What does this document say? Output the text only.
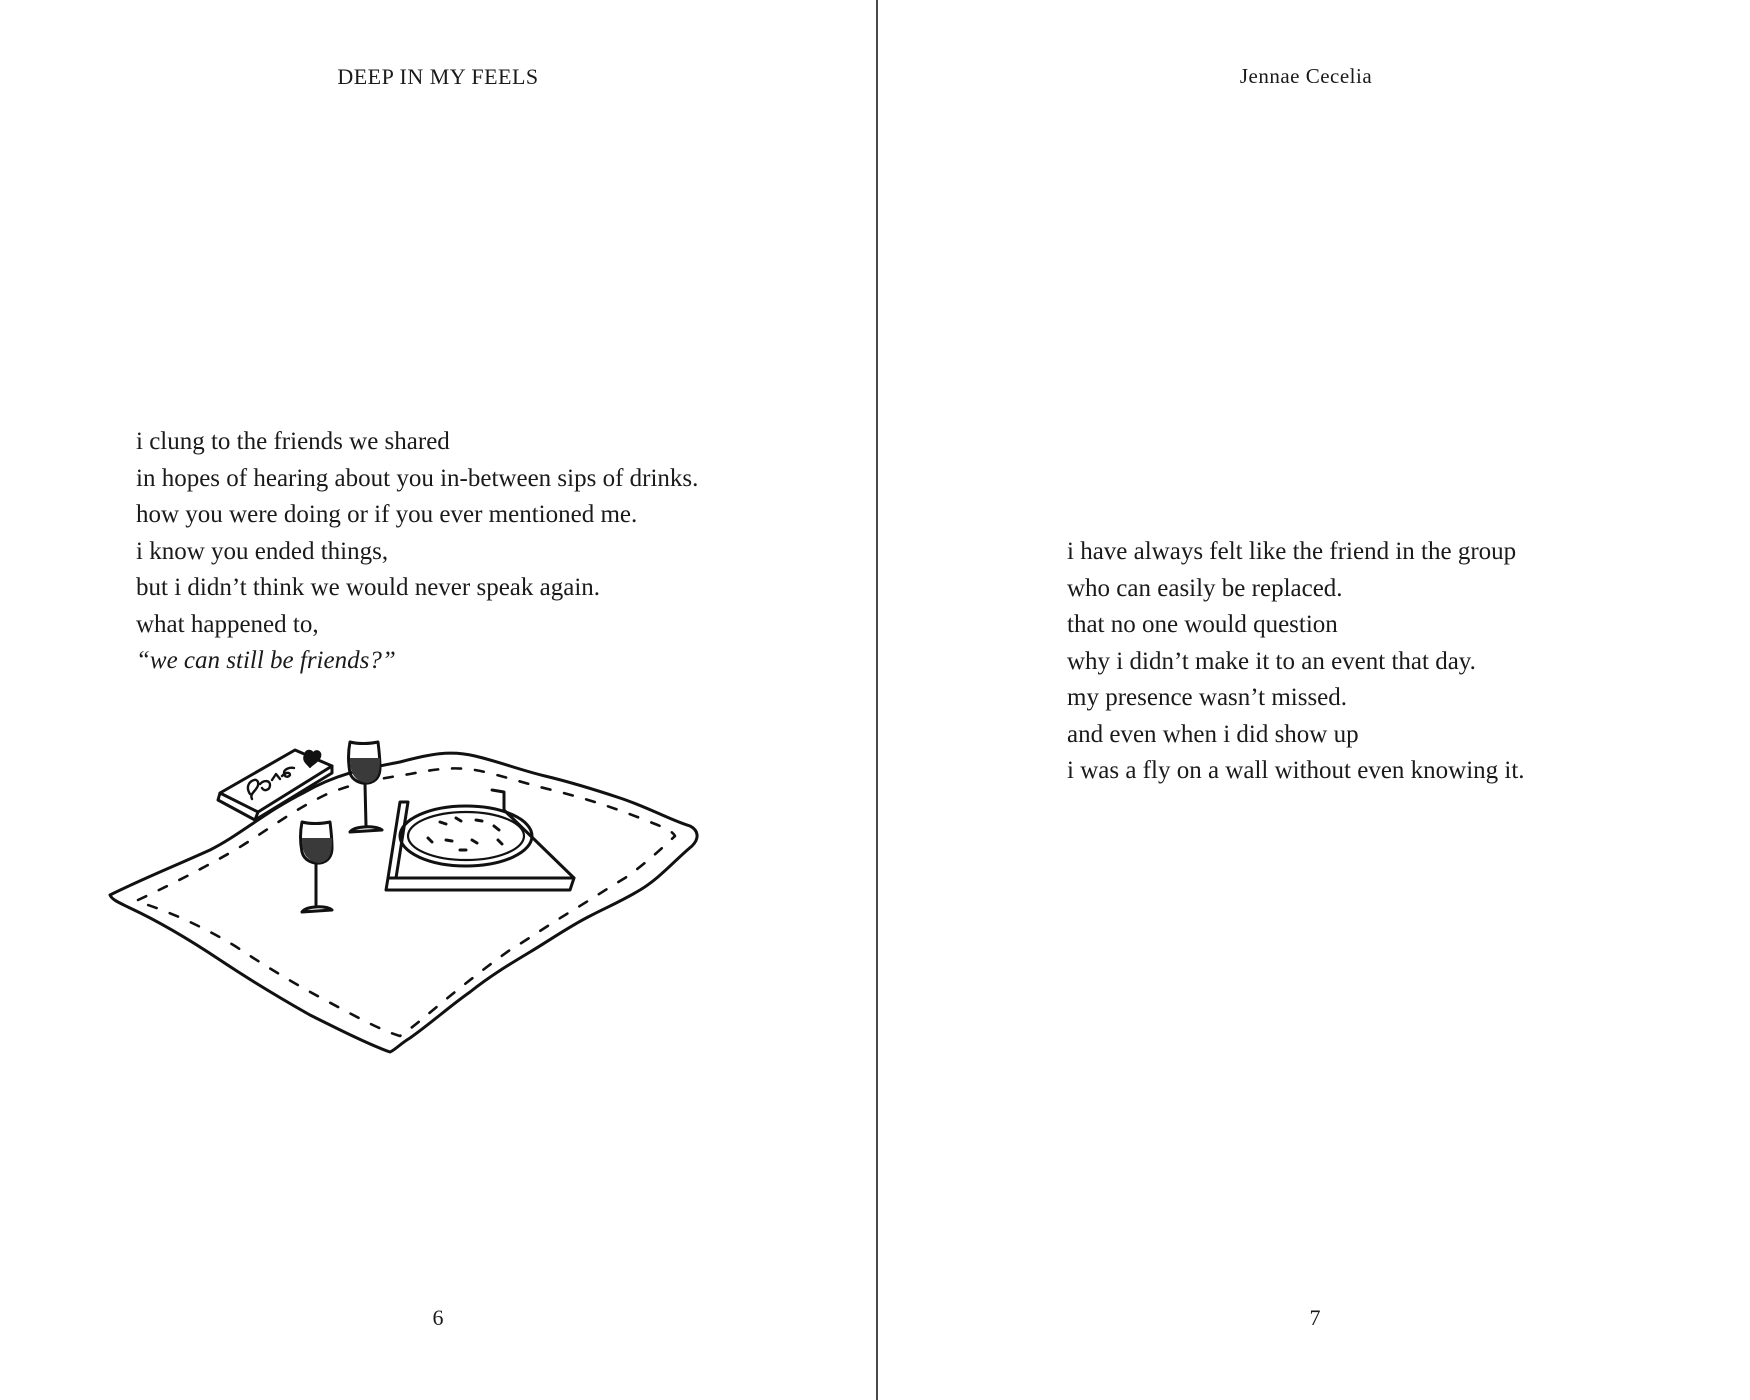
DEEP IN MY FEELS
i clung to the friends we shared
in hopes of hearing about you in-between sips of drinks.
how you were doing or if you ever mentioned me.
i know you ended things,
but i didn’t think we would never speak again.
what happened to,
“we can still be friends?”

6

Jennae Cecelia
i have always felt like the friend in the group
who can easily be replaced.
that no one would question
why i didn’t make it to an event that day.
my presence wasn’t missed.
and even when i did show up
i was a fly on a wall without even knowing it.

7
